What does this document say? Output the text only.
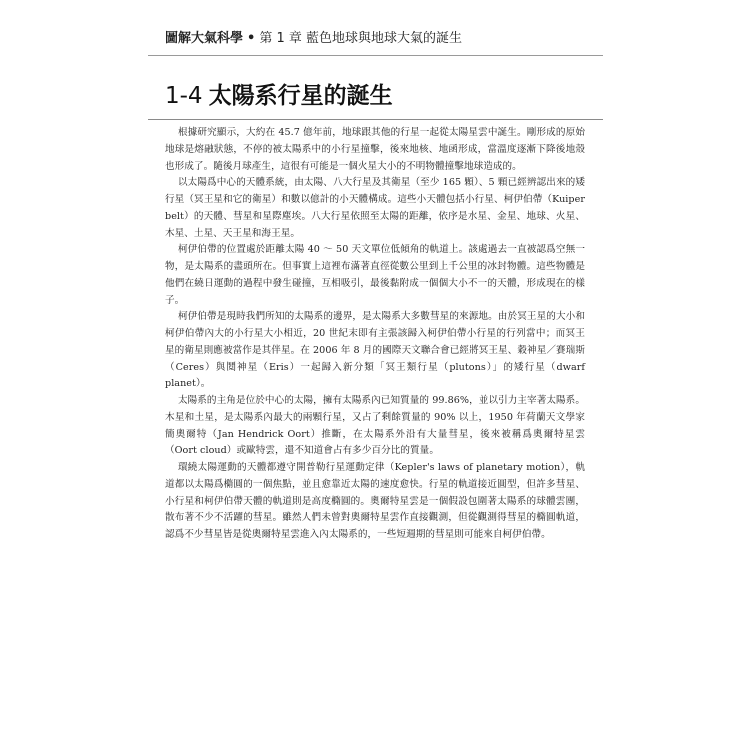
圖解大氣科學 • 第 1 章 藍色地球與地球大氣的誕生
1-4 太陽系行星的誕生

根據研究顯示，大約在 45.7 億年前，地球跟其他的行星一起從太陽星雲中誕生。剛形成的原始地球是熔融狀態，不停的被太陽系中的小行星撞擊，後來地核、地函形成，當溫度逐漸下降後地殼也形成了。隨後月球產生，這很有可能是一個火星大小的不明物體撞擊地球造成的。

以太陽爲中心的天體系統，由太陽、八大行星及其衛星（至少 165 顆）、5 顆已經辨認出來的矮行星（冥王星和它的衛星）和數以億計的小天體構成。這些小天體包括小行星、柯伊伯帶（Kuiper belt）的天體、彗星和星際塵埃。八大行星依照至太陽的距離，依序是水星、金星、地球、火星、木星、土星、天王星和海王星。

柯伊伯帶的位置處於距離太陽 40 ～ 50 天文單位低傾角的軌道上。該處過去一直被認爲空無一物，是太陽系的盡頭所在。但事實上這裡布滿著直徑從數公里到上千公里的冰封物體。這些物體是他們在繞日運動的過程中發生碰撞，互相吸引，最後黏附成一個個大小不一的天體，形成現在的樣子。

柯伊伯帶是現時我們所知的太陽系的邊界，是太陽系大多數彗星的來源地。由於冥王星的大小和柯伊伯帶內大的小行星大小相近，20 世紀末即有主張該歸入柯伊伯帶小行星的行列當中；而冥王星的衛星則應被當作是其伴星。在 2006 年 8 月的國際天文聯合會已經將冥王星、穀神星／賽瑞斯（Ceres）與鬩神星（Eris）一起歸入新分類「冥王類行星（plutons）」的矮行星（dwarf planet）。

太陽系的主角是位於中心的太陽，擁有太陽系內已知質量的 99.86%，並以引力主宰著太陽系。木星和土星，是太陽系內最大的兩顆行星，又占了剩餘質量的 90% 以上，1950 年荷蘭天文學家簡奧爾特（Jan Hendrick Oort）推斷，在太陽系外沿有大量彗星，後來被稱爲奧爾特星雲（Oort cloud）或歐特雲，還不知道會占有多少百分比的質量。

環繞太陽運動的天體都遵守開普勒行星運動定律（Kepler's laws of planetary motion），軌道都以太陽爲橢圓的一個焦點，並且愈靠近太陽的速度愈快。行星的軌道接近圓型，但許多彗星、小行星和柯伊伯帶天體的軌道則是高度橢圓的。奧爾特星雲是一個假設包圍著太陽系的球體雲團，散布著不少不活躍的彗星。雖然人們未曾對奧爾特星雲作直接觀測，但從觀測得彗星的橢圓軌道，認爲不少彗星皆是從奧爾特星雲進入內太陽系的，一些短週期的彗星則可能來自柯伊伯帶。
